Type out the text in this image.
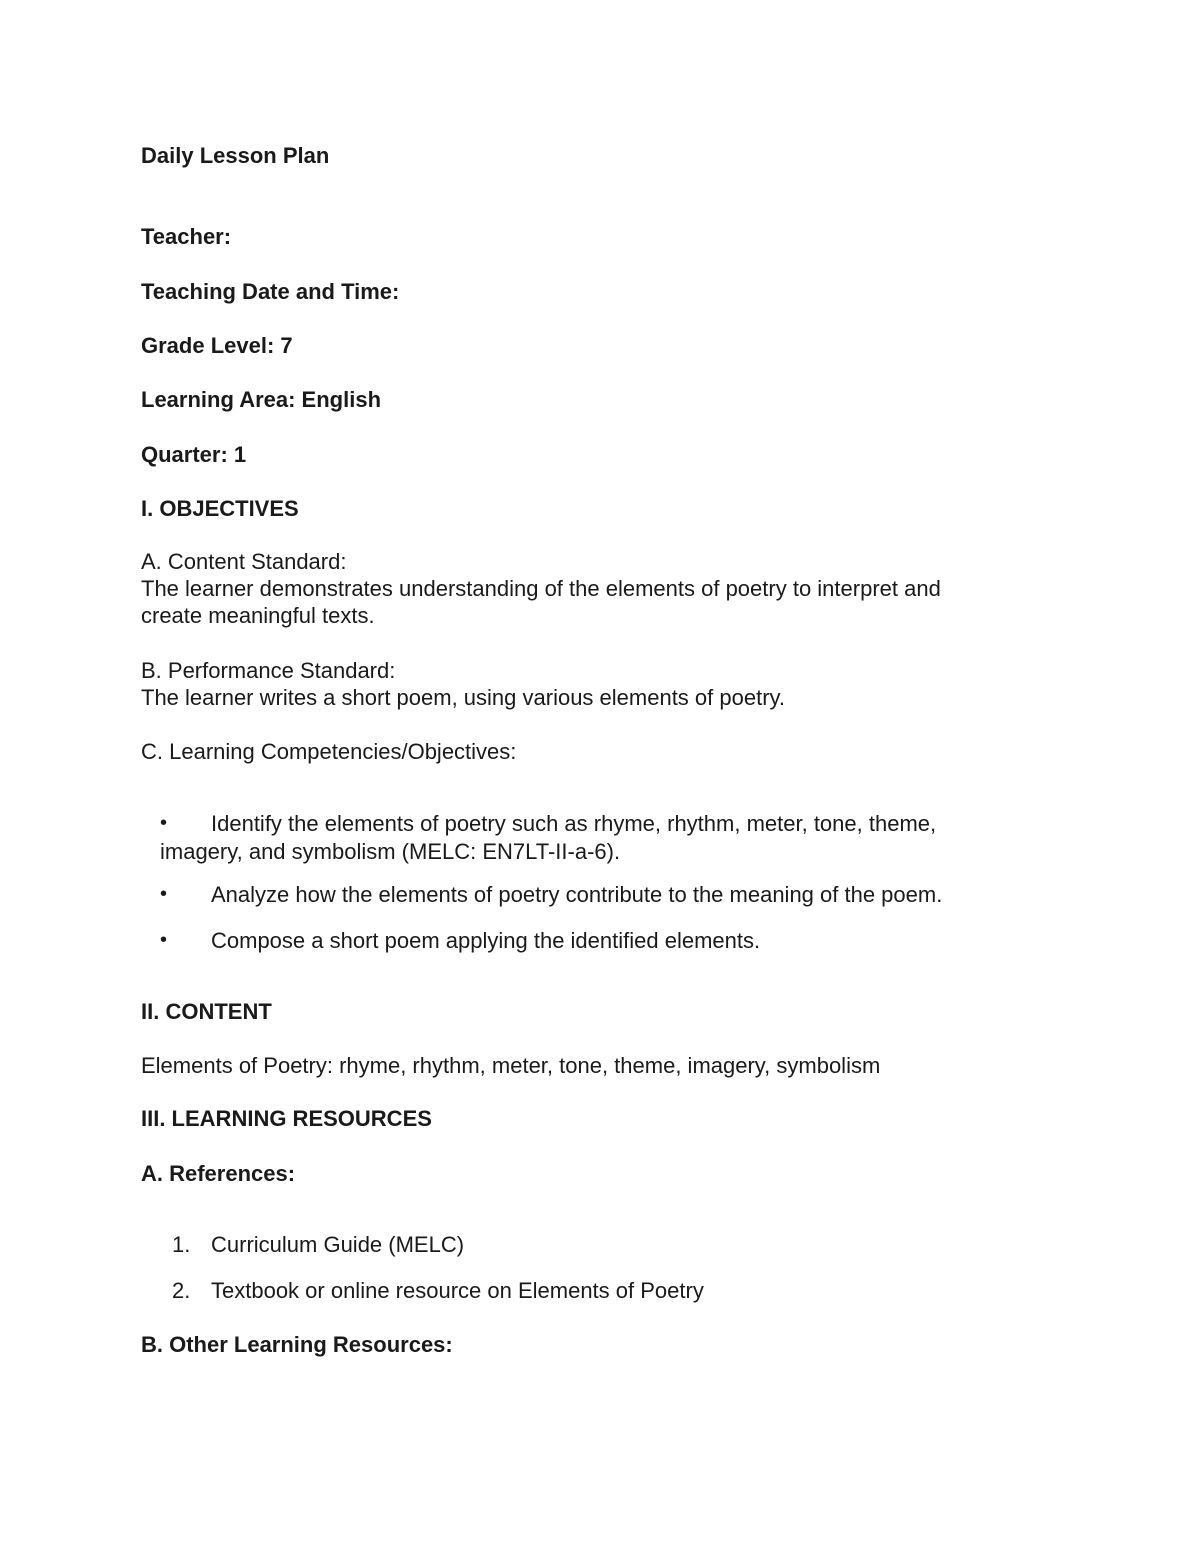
Daily Lesson Plan

Teacher:

Teaching Date and Time:

Grade Level: 7

Learning Area: English

Quarter: 1

I. OBJECTIVES

A. Content Standard:

The learner demonstrates understanding of the elements of poetry to interpret and

create meaningful texts.

B. Performance Standard:

The learner writes a short poem, using various elements of poetry.

C. Learning Competencies/Objectives:

• Identify the elements of poetry such as rhyme, rhythm, meter, tone, theme,
imagery, and symbolism (MELC: EN7LT-II-a-6).
• Analyze how the elements of poetry contribute to the meaning of the poem.
• Compose a short poem applying the identified elements.

II. CONTENT

Elements of Poetry: rhyme, rhythm, meter, tone, theme, imagery, symbolism

III. LEARNING RESOURCES

A. References:

1. Curriculum Guide (MELC)
2. Textbook or online resource on Elements of Poetry

B. Other Learning Resources:
